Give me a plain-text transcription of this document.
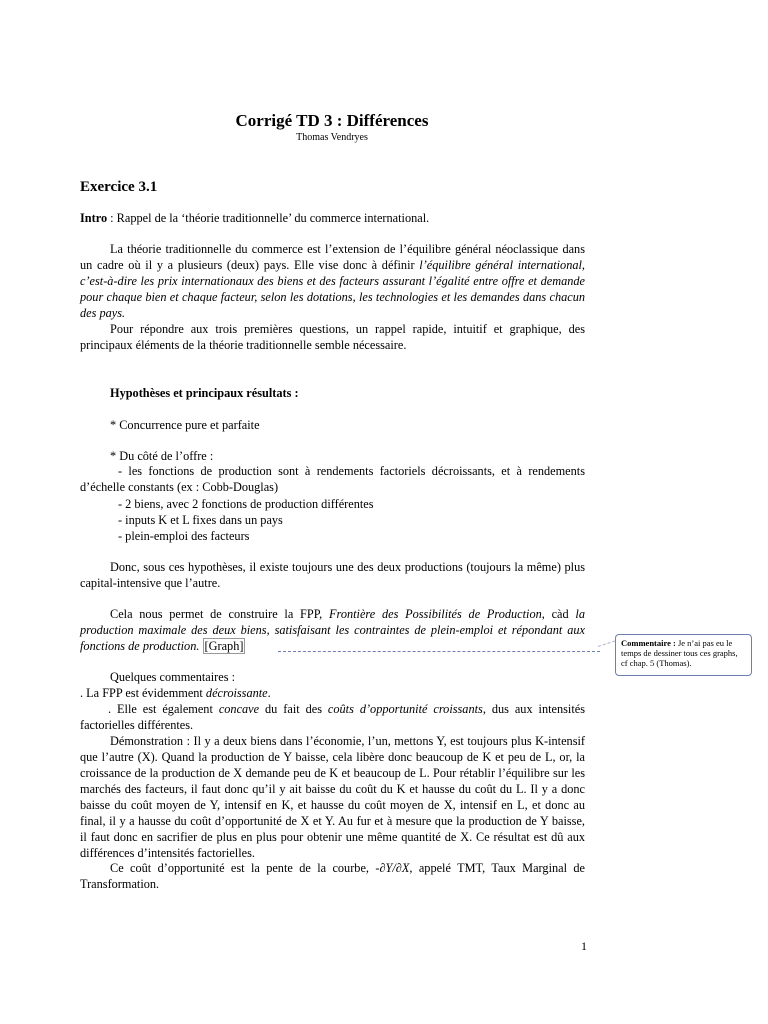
Corrigé TD 3 : Différences
Thomas Vendryes
Exercice 3.1
Intro : Rappel de la ‘théorie traditionnelle’ du commerce international.
La théorie traditionnelle du commerce est l’extension de l’équilibre général néoclassique dans un cadre où il y a plusieurs (deux) pays. Elle vise donc à définir l’équilibre général international, c’est-à-dire les prix internationaux des biens et des facteurs assurant l’égalité entre offre et demande pour chaque bien et chaque facteur, selon les dotations, les technologies et les demandes dans chacun des pays.
Pour répondre aux trois premières questions, un rappel rapide, intuitif et graphique, des principaux éléments de la théorie traditionnelle semble nécessaire.
Hypothèses et principaux résultats :
* Concurrence pure et parfaite
* Du côté de l’offre :
- les fonctions de production sont à rendements factoriels décroissants, et à rendements d’échelle constants (ex : Cobb-Douglas)
- 2 biens, avec 2 fonctions de production différentes
- inputs K et L fixes dans un pays
- plein-emploi des facteurs
Donc, sous ces hypothèses, il existe toujours une des deux productions (toujours la même) plus capital-intensive que l’autre.
Cela nous permet de construire la FPP, Frontière des Possibilités de Production, càd la production maximale des deux biens, satisfaisant les contraintes de plein-emploi et répondant aux fonctions de production. [Graph]	Commentaire : Je n’ai pas eu le temps de dessiner tous ces graphs, cf chap. 5 (Thomas).
Quelques commentaires :
. La FPP est évidemment décroissante.
. Elle est également concave du fait des coûts d’opportunité croissants, dus aux intensités factorielles différentes.
Démonstration : Il y a deux biens dans l’économie, l’un, mettons Y, est toujours plus K-intensif que l’autre (X). Quand la production de Y baisse, cela libère donc beaucoup de K et peu de L, or, la croissance de la production de X demande peu de K et beaucoup de L. Pour rétablir l’équilibre sur les marchés des facteurs, il faut donc qu’il y ait baisse du coût du K et hausse du coût du L. Il y a donc baisse du coût moyen de Y, intensif en K, et hausse du coût moyen de X, intensif en L, et donc au final, il y a hausse du coût d’opportunité de X et Y. Au fur et à mesure que la production de Y baisse, il faut donc en sacrifier de plus en plus pour obtenir une même quantité de X. Ce résultat est dû aux différences d’intensités factorielles.
Ce coût d’opportunité est la pente de la courbe, -∂Y/∂X, appelé TMT, Taux Marginal de Transformation.
1
